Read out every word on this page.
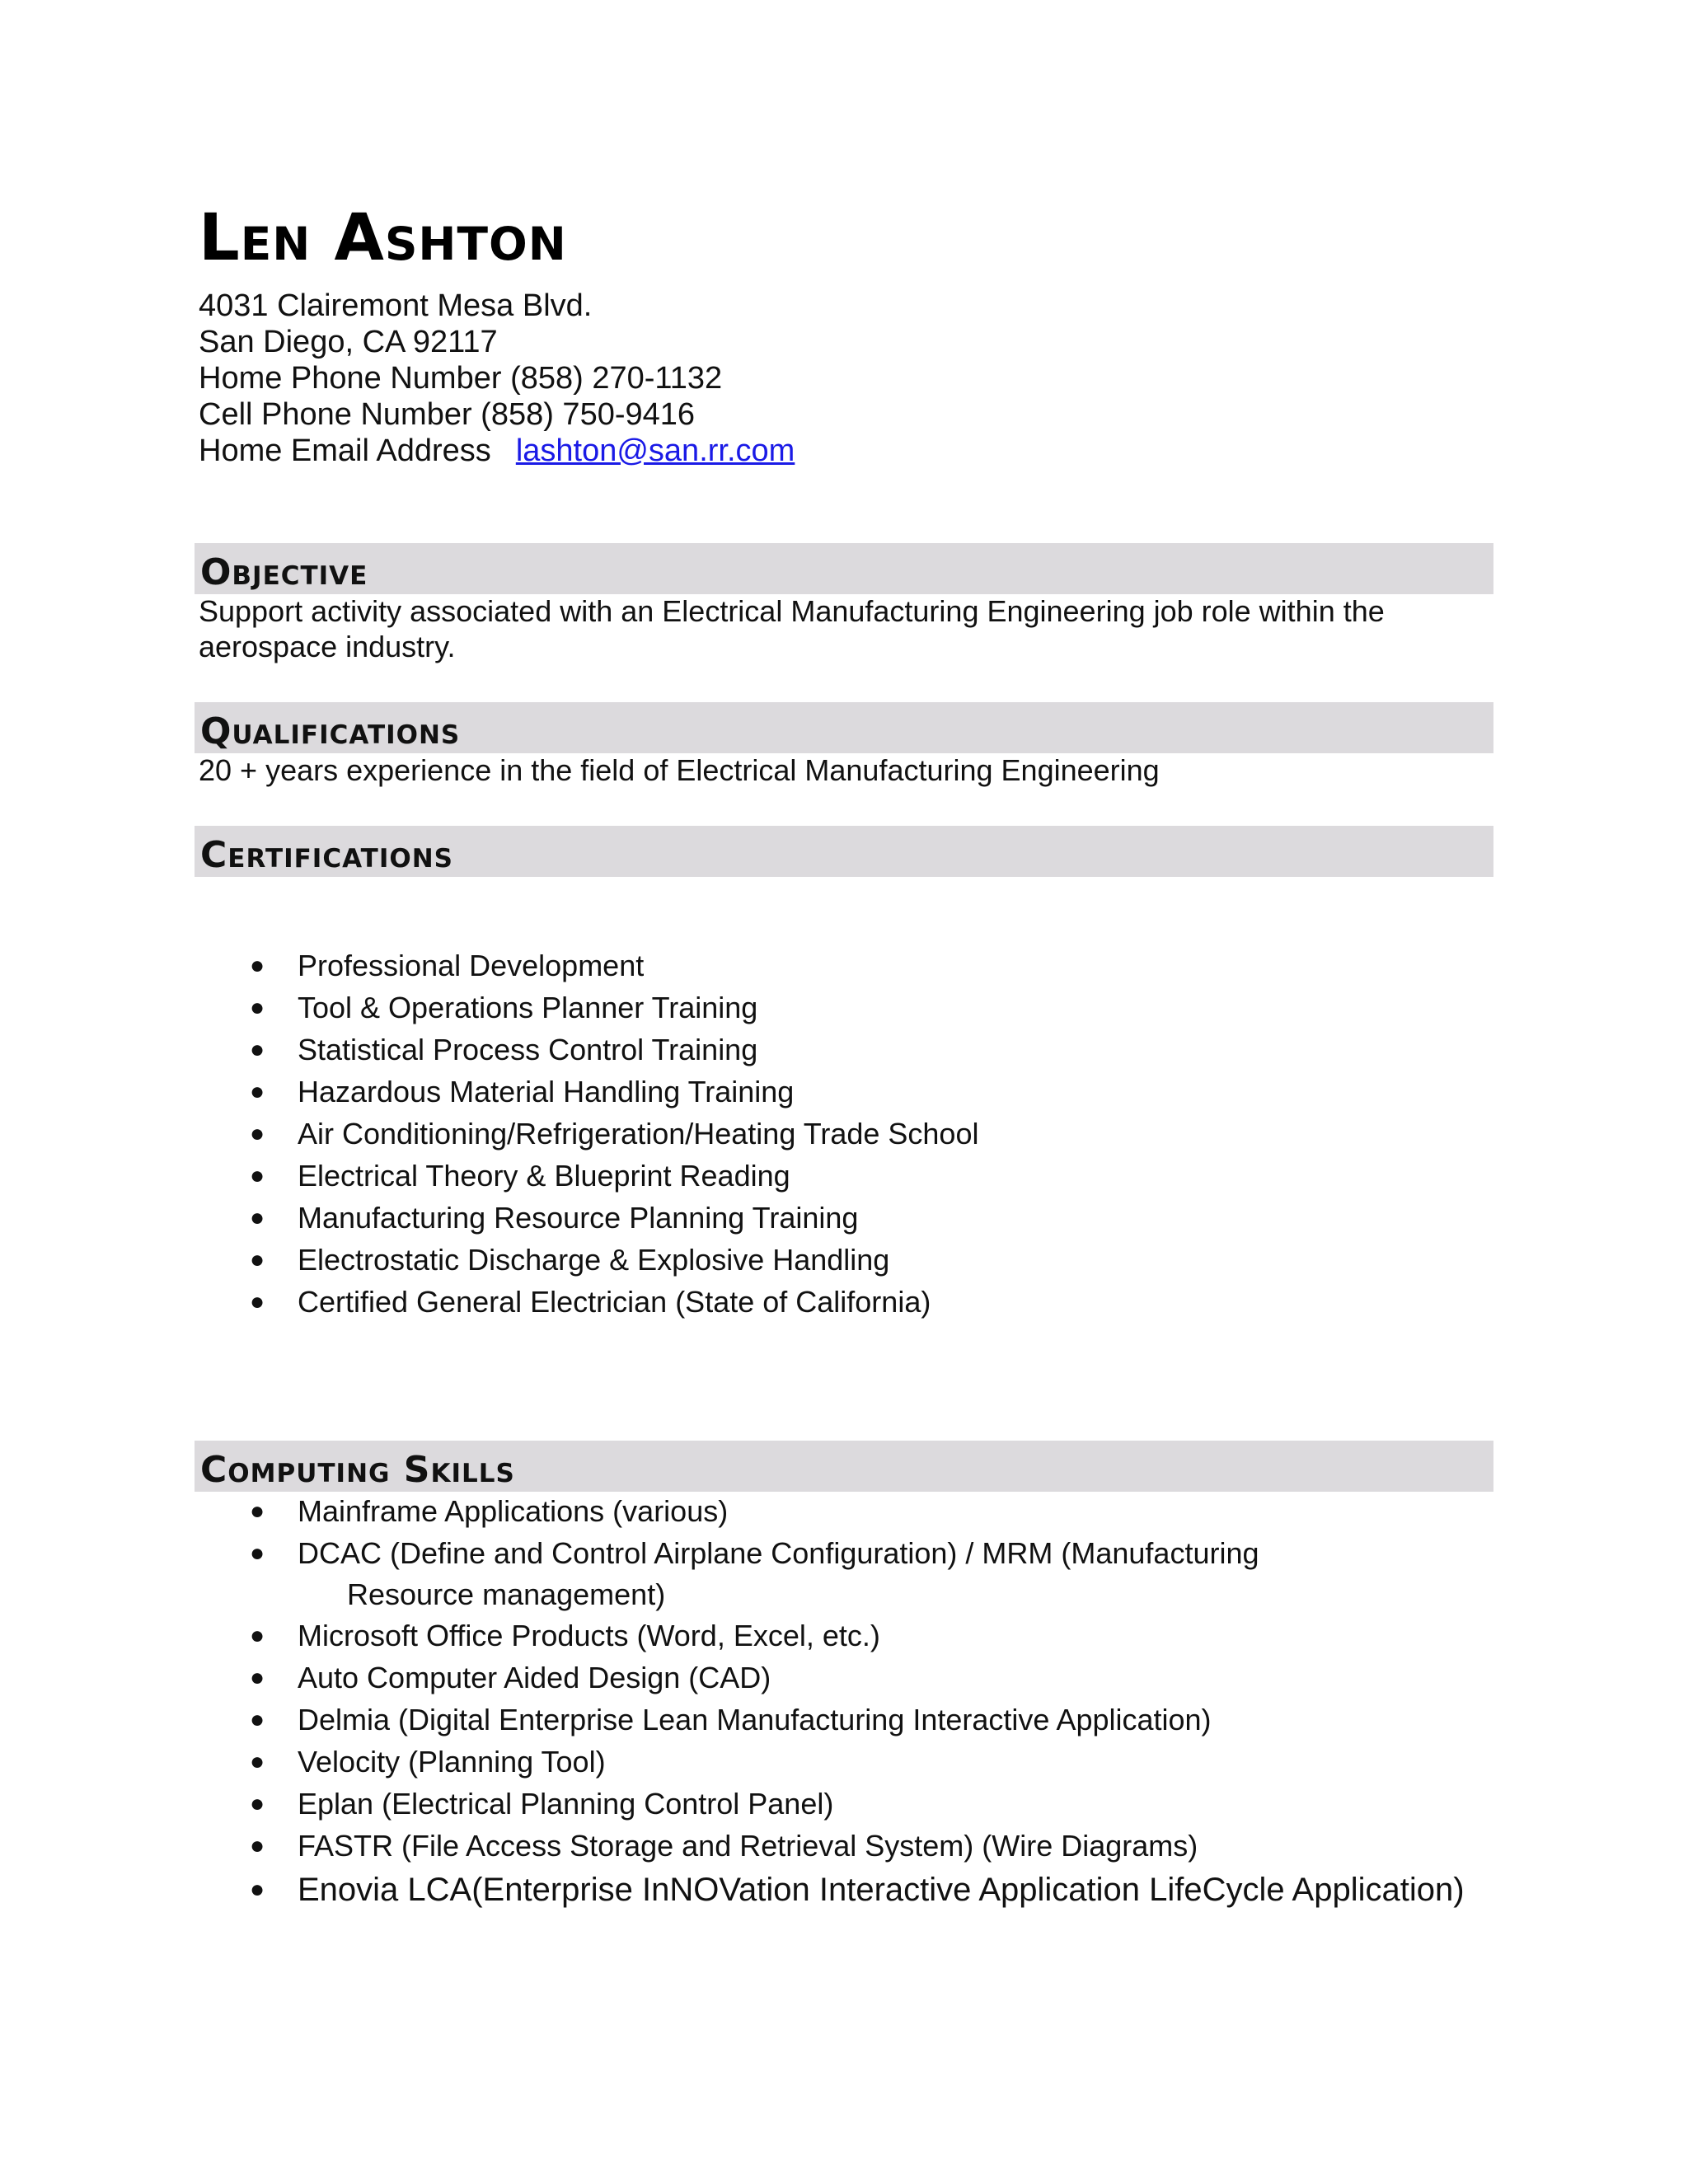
Len Ashton
4031 Clairemont Mesa Blvd.
San Diego, CA 92117
Home Phone Number (858) 270-1132
Cell Phone Number (858) 750-9416
Home Email Address lashton@san.rr.com
Objective

Support activity associated with an Electrical Manufacturing Engineering job role within the aerospace industry.

Qualifications

20 + years experience in the field of Electrical Manufacturing Engineering

Certifications
● Professional Development
● Tool & Operations Planner Training
● Statistical Process Control Training
● Hazardous Material Handling Training
● Air Conditioning/Refrigeration/Heating Trade School
● Electrical Theory & Blueprint Reading
● Manufacturing Resource Planning Training
● Electrostatic Discharge & Explosive Handling
● Certified General Electrician (State of California)
Computing Skills
● Mainframe Applications (various)
● DCAC (Define and Control Airplane Configuration) / MRM (Manufacturing
Resource management)
● Microsoft Office Products (Word, Excel, etc.)
● Auto Computer Aided Design (CAD)
● Delmia (Digital Enterprise Lean Manufacturing Interactive Application)
● Velocity (Planning Tool)
● Eplan (Electrical Planning Control Panel)
● FASTR (File Access Storage and Retrieval System) (Wire Diagrams)
● Enovia LCA(Enterprise InNOVation Interactive Application LifeCycle Application)
